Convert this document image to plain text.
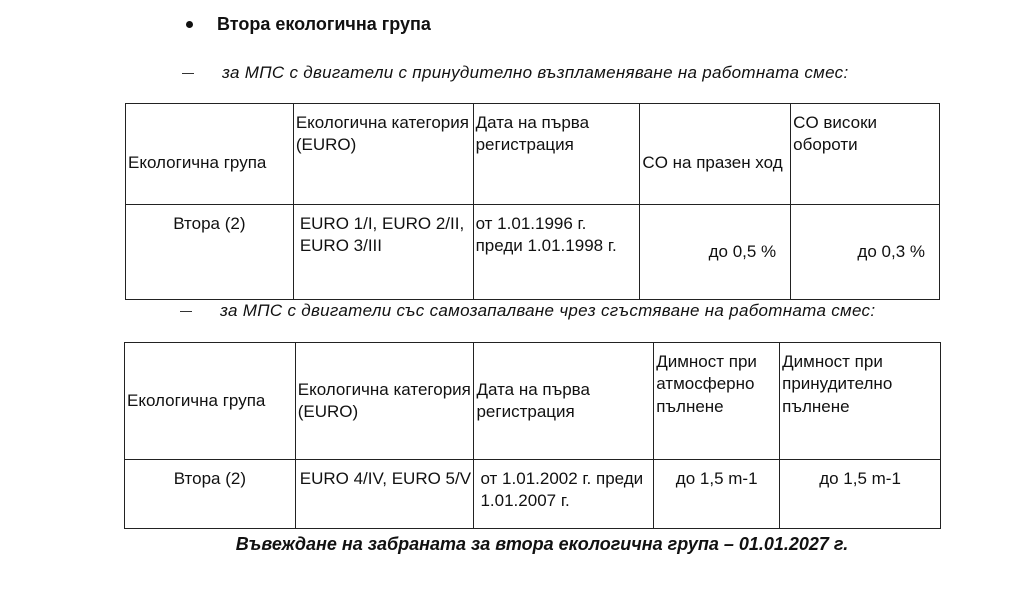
Втора екологична група
за МПС с двигатели с принудително възпламеняване на работната смес:
Екологична група	Екологична категория (EURO)	Дата на първа регистрация	CO на празен ход	CO високи обороти
Втора (2)	EURO 1/I, EURO 2/II, EURO 3/III	от 1.01.1996 г. преди 1.01.1998 г.	до 0,5 %	до 0,3 %
за МПС с двигатели със самозапалване чрез сгъстяване на работната смес:
Екологична група	Екологична категория (EURO)	Дата на първа регистрация	Димност при атмосферно пълнене	Димност при принудително пълнене
Втора (2)	EURO 4/IV, EURO 5/V	от 1.01.2002 г. преди 1.01.2007 г.	до 1,5 m-1	до 1,5 m-1
Въвеждане на забраната за втора екологична група – 01.01.2027 г.
